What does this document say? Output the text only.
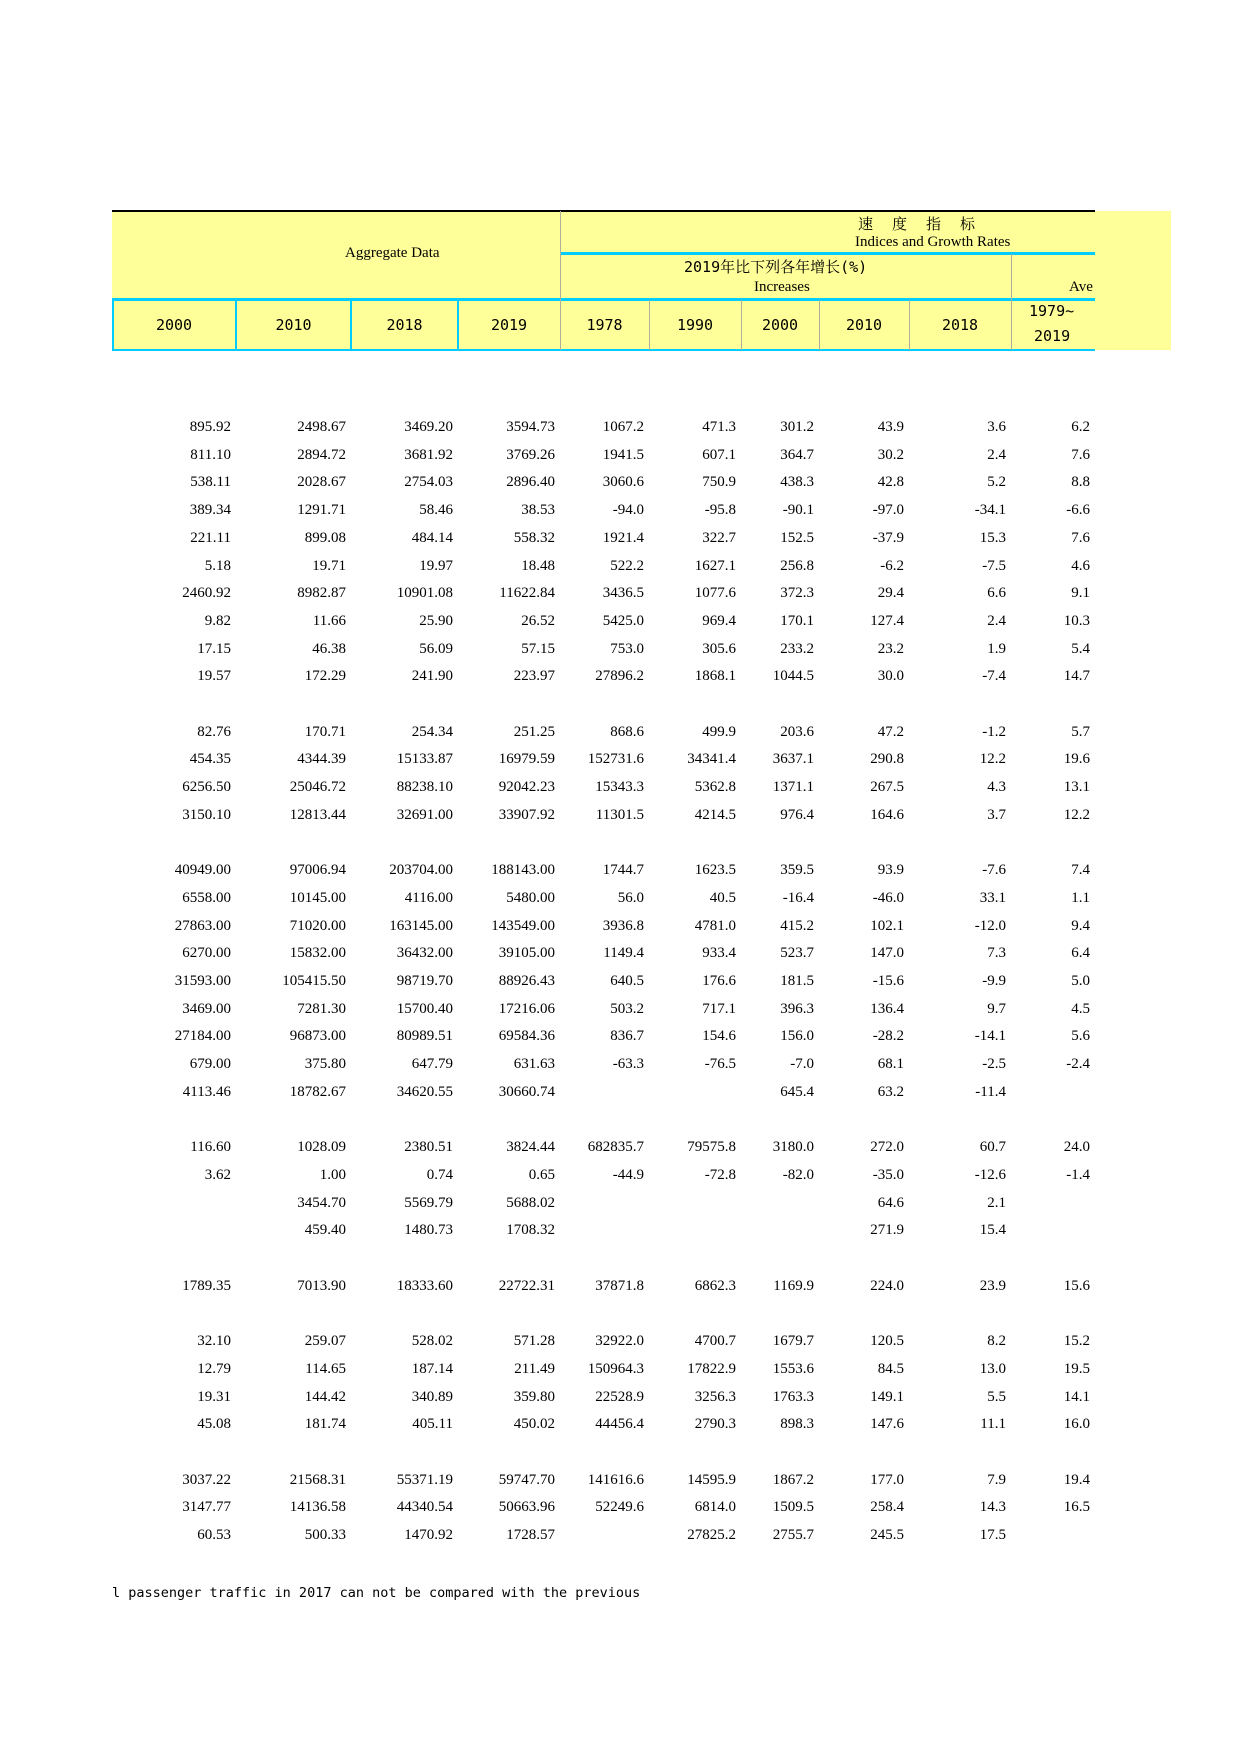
Aggregate Data
速　度　指　标
Indices and Growth Rates
2019年比下列各年增长(%)
Increases	Ave
2000	2010	2018	2019	1978	1990	2000	2010	2018
1979~
2019
895.92	2498.67	3469.20	3594.73	1067.2	471.3	301.2	43.9	3.6	6.2
811.10	2894.72	3681.92	3769.26	1941.5	607.1	364.7	30.2	2.4	7.6
538.11	2028.67	2754.03	2896.40	3060.6	750.9	438.3	42.8	5.2	8.8
389.34	1291.71	58.46	38.53	-94.0	-95.8	-90.1	-97.0	-34.1	-6.6
221.11	899.08	484.14	558.32	1921.4	322.7	152.5	-37.9	15.3	7.6
5.18	19.71	19.97	18.48	522.2	1627.1	256.8	-6.2	-7.5	4.6
2460.92	8982.87	10901.08	11622.84	3436.5	1077.6	372.3	29.4	6.6	9.1
9.82	11.66	25.90	26.52	5425.0	969.4	170.1	127.4	2.4	10.3
17.15	46.38	56.09	57.15	753.0	305.6	233.2	23.2	1.9	5.4
19.57	172.29	241.90	223.97	27896.2	1868.1	1044.5	30.0	-7.4	14.7

82.76	170.71	254.34	251.25	868.6	499.9	203.6	47.2	-1.2	5.7
454.35	4344.39	15133.87	16979.59	152731.6	34341.4	3637.1	290.8	12.2	19.6
6256.50	25046.72	88238.10	92042.23	15343.3	5362.8	1371.1	267.5	4.3	13.1
3150.10	12813.44	32691.00	33907.92	11301.5	4214.5	976.4	164.6	3.7	12.2

40949.00	97006.94	203704.00	188143.00	1744.7	1623.5	359.5	93.9	-7.6	7.4
6558.00	10145.00	4116.00	5480.00	56.0	40.5	-16.4	-46.0	33.1	1.1
27863.00	71020.00	163145.00	143549.00	3936.8	4781.0	415.2	102.1	-12.0	9.4
6270.00	15832.00	36432.00	39105.00	1149.4	933.4	523.7	147.0	7.3	6.4
31593.00	105415.50	98719.70	88926.43	640.5	176.6	181.5	-15.6	-9.9	5.0
3469.00	7281.30	15700.40	17216.06	503.2	717.1	396.3	136.4	9.7	4.5
27184.00	96873.00	80989.51	69584.36	836.7	154.6	156.0	-28.2	-14.1	5.6
679.00	375.80	647.79	631.63	-63.3	-76.5	-7.0	68.1	-2.5	-2.4
4113.46	18782.67	34620.55	30660.74			645.4	63.2	-11.4	

116.60	1028.09	2380.51	3824.44	682835.7	79575.8	3180.0	272.0	60.7	24.0
3.62	1.00	0.74	0.65	-44.9	-72.8	-82.0	-35.0	-12.6	-1.4
	3454.70	5569.79	5688.02				64.6	2.1	
	459.40	1480.73	1708.32				271.9	15.4	

1789.35	7013.90	18333.60	22722.31	37871.8	6862.3	1169.9	224.0	23.9	15.6

32.10	259.07	528.02	571.28	32922.0	4700.7	1679.7	120.5	8.2	15.2
12.79	114.65	187.14	211.49	150964.3	17822.9	1553.6	84.5	13.0	19.5
19.31	144.42	340.89	359.80	22528.9	3256.3	1763.3	149.1	5.5	14.1
45.08	181.74	405.11	450.02	44456.4	2790.3	898.3	147.6	11.1	16.0

3037.22	21568.31	55371.19	59747.70	141616.6	14595.9	1867.2	177.0	7.9	19.4
3147.77	14136.58	44340.54	50663.96	52249.6	6814.0	1509.5	258.4	14.3	16.5
60.53	500.33	1470.92	1728.57		27825.2	2755.7	245.5	17.5	
l passenger traffic in 2017 can not be compared with the previous
